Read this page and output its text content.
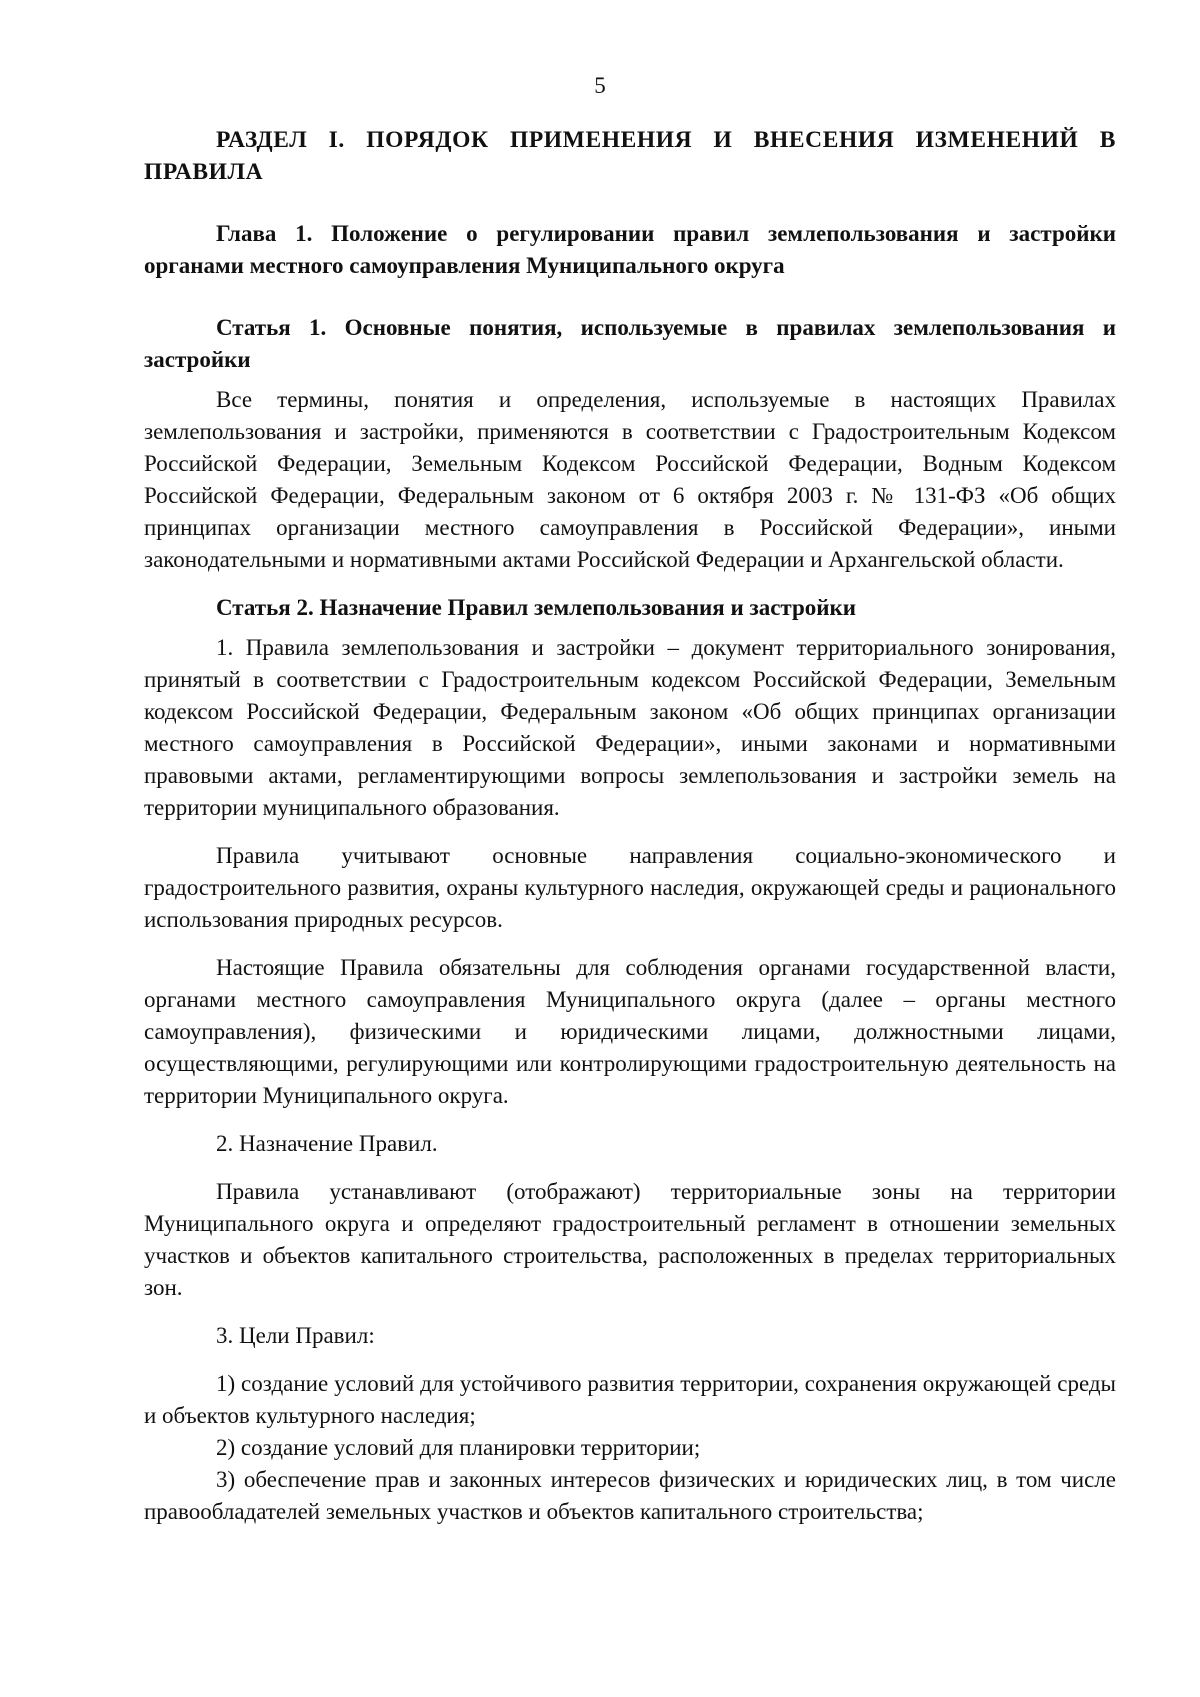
5

РАЗДЕЛ I. ПОРЯДОК ПРИМЕНЕНИЯ И ВНЕСЕНИЯ ИЗМЕНЕНИЙ В ПРАВИЛА

Глава 1. Положение о регулировании правил землепользования и застройки органами местного самоуправления Муниципального округа

Статья 1. Основные понятия, используемые в правилах землепользования и застройки

Все термины, понятия и определения, используемые в настоящих Правилах землепользования и застройки, применяются в соответствии с Градостроительным Кодексом Российской Федерации, Земельным Кодексом Российской Федерации, Водным Кодексом Российской Федерации, Федеральным законом от 6 октября 2003 г. № 131-ФЗ «Об общих принципах организации местного самоуправления в Российской Федерации», иными законодательными и нормативными актами Российской Федерации и Архангельской области.

Статья 2. Назначение Правил землепользования и застройки

1. Правила землепользования и застройки – документ территориального зонирования, принятый в соответствии с Градостроительным кодексом Российской Федерации, Земельным кодексом Российской Федерации, Федеральным законом «Об общих принципах организации местного самоуправления в Российской Федерации», иными законами и нормативными правовыми актами, регламентирующими вопросы землепользования и застройки земель на территории муниципального образования.

Правила учитывают основные направления социально-экономического и градостроительного развития, охраны культурного наследия, окружающей среды и рационального использования природных ресурсов.

Настоящие Правила обязательны для соблюдения органами государственной власти, органами местного самоуправления Муниципального округа (далее – органы местного самоуправления), физическими и юридическими лицами, должностными лицами, осуществляющими, регулирующими или контролирующими градостроительную деятельность на территории Муниципального округа.

2. Назначение Правил.

Правила устанавливают (отображают) территориальные зоны на территории Муниципального округа и определяют градостроительный регламент в отношении земельных участков и объектов капитального строительства, расположенных в пределах территориальных зон.

3. Цели Правил:

1) создание условий для устойчивого развития территории, сохранения окружающей среды и объектов культурного наследия;

2) создание условий для планировки территории;

3) обеспечение прав и законных интересов физических и юридических лиц, в том числе правообладателей земельных участков и объектов капитального строительства;
